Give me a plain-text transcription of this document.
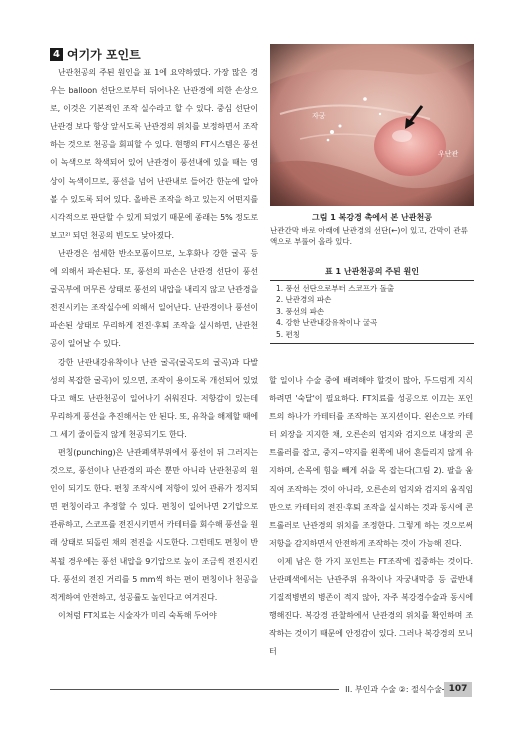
4 여기가 포인트

난관천공의 주된 원인을 표 1에 요약하였다. 가장 많은 경우는 balloon 선단으로부터 뒤어나온 난관경에 의한 손상으로, 이것은 기본적인 조작 실수라고 할 수 있다. 중심 선단이 난관경 보다 항상 앞서도록 난관경의 위치를 보정하면서 조작하는 것으로 천공을 회피할 수 있다. 현행의 FT시스템은 풍선이 녹색으로 착색되어 있어 난관경이 풍선내에 있을 때는 영상이 녹색이므로, 풍선을 넘어 난관내로 들어간 한눈에 알아 볼 수 있도록 되어 있다. 올바른 조작을 하고 있는지 어떤지를 시각적으로 판단할 수 있게 되었기 때문에 종래는 5% 정도로 보고²⁾ 되던 천공의 빈도도 낮아졌다.

난관경은 섬세한 반소모품이므로, 노후화나 강한 굴곡 등에 의해서 파손된다. 또, 풍선의 파손은 난관경 선단이 풍선 굴곡부에 머무른 상태로 풍선의 내압을 내리지 않고 난관경을 전진시키는 조작실수에 의해서 일어난다. 난관경이나 풍선이 파손된 상태로 무리하게 전진·후퇴 조작을 실시하면, 난관천공이 일어날 수 있다.

강한 난관내강유착이나 난관 굴곡(굴곡도의 굴곡)과 다발성의 복잡한 굴곡)이 있으면, 조작이 용이도록 개선되어 있었다고 해도 난관천공이 일어나기 쉬워진다. 저항감이 있는데 무리하게 풍선을 추진해서는 안 된다. 또, 유착을 해제할 때에 그 세기 줄이들지 않게 천공되기도 한다.

편칭(punching)은 난관폐색부위에서 풍선이 뒤 그러지는 것으로, 풍선이나 난관경의 파손 뿐만 아니라 난관천공의 원인이 되기도 한다. 편칭 조작시에 저항이 있어 관류가 정지되면 편칭이라고 추정할 수 있다. 편칭이 일어나면 2기압으로 관류하고, 스코프를 전진시키면서 카테터를 회수해 풍선을 원래 상태로 되돌린 채의 전진을 시도한다. 그런데도 편칭이 반복될 경우에는 풍선 내압을 9기압으로 높이 조금씩 전진시킨다. 풍선의 전진 거리를 5 mm씩 하는 편이 편칭이나 천공을 적게하여 안전하고, 성공률도 높인다고 여겨진다.

이처럼 FT치료는 시술자가 미리 숙독해 두어야

자궁
우난관
그림 1 복강경 촉에서 본 난관천공
난관간막 바로 아래에 난관경의 선단(←)이 있고, 간막이 관류액으로 부풀어 올라 있다.
표 1 난관천공의 주된 원인
1. 풍선 선단으로부터 스코프가 돌출
2. 난관경의 파손
3. 풍선의 파손
4. 강한 난관내강유착이나 굴곡
5. 편칭

할 일이나 수술 중에 배려해야 할것이 많아, 두드럼게 지식하려면 '숙달'이 필요하다. FT치료를 성공으로 이끄는 포인트의 하나가 카테터를 조작하는 포지션이다. 왼손으로 카테터 외장을 지지한 채, 오른손의 엄지와 검지으로 내장의 콘트롤러를 잡고, 중지~약지를 왼쪽에 내어 흔들리지 않게 유지하며, 손목에 힘을 빼게 쉬을 목 잡는다(그림 2). 팔을 움직여 조작하는 것이 아니라, 오른손의 엄지와 검지의 움직임 만으로 카테터의 전진·후퇴 조작을 실시하는 것과 동시에 콘트롤러로 난관경의 위치를 조정한다. 그렇게 하는 것으로써 저항을 감지하면서 안전하게 조작하는 것이 가능해 진다.

이제 남은 한 가지 포인트는 FT조작에 집중하는 것이다. 난관폐색에서는 난관주위 유착이나 자궁내막증 등 골반내 기질적병변의 병존이 적지 않아, 자주 복강경수술과 동시에 행해진다. 복강경 관찰하에서 난관경의 위치를 확인하며 조작하는 것이기 때문에 안정감이 있다. 그러나 복강경의 모니터

II. 부인과 수술 ②: 절식수술 107
